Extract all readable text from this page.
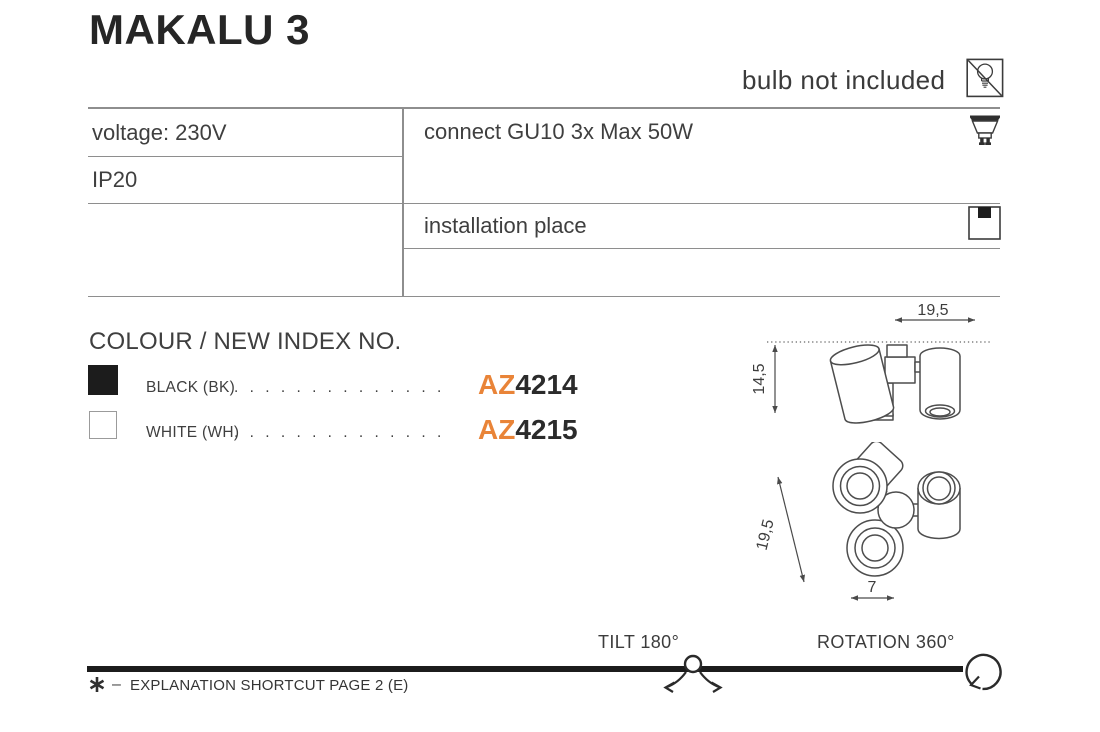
MAKALU 3
bulb not included
voltage: 230V
IP20
connect GU10 3x Max 50W
installation place
COLOUR / NEW INDEX NO.
BLACK (BK)
. . . . . . . . . . . . . .	AZ4214
WHITE (WH)
. . . . . . . . . . . . . .	AZ4215
19,5
14,5
19,5
7
TILT 180°	ROTATION 360°
– EXPLANATION SHORTCUT PAGE 2 (E)
